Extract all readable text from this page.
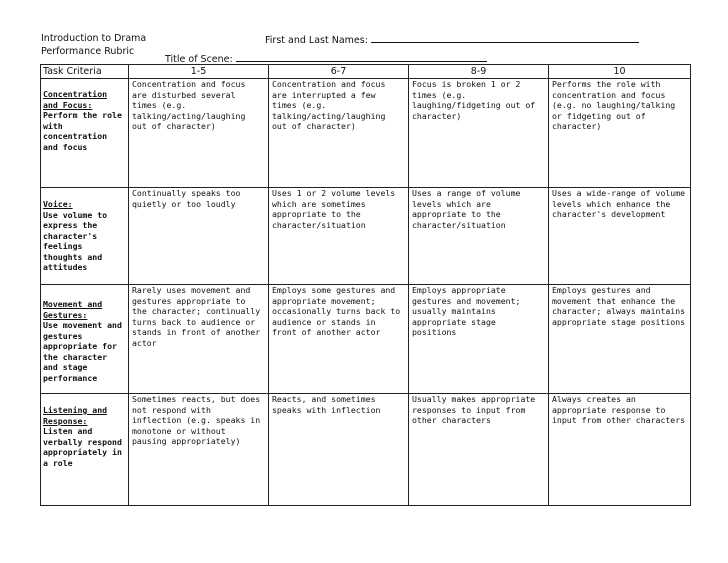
Introduction to Drama
Performance Rubric
First and Last Names:
Title of Scene:
Task Criteria	1-5	6-7	8-9	10

Concentration and Focus:
Perform the role with concentration and focus	Concentration and focus are disturbed several times (e.g. talking/acting/laughing out of character)	Concentration and focus are interrupted a few times (e.g. talking/acting/laughing out of character)	Focus is broken 1 or 2 times (e.g. laughing/fidgeting out of character)	Performs the role with concentration and focus (e.g. no laughing/talking or fidgeting out of character)

Voice:
Use volume to express the character's feelings thoughts and attitudes	Continually speaks too quietly or too loudly	Uses 1 or 2 volume levels which are sometimes appropriate to the character/situation	Uses a range of volume levels which are appropriate to the character/situation	Uses a wide-range of volume levels which enhance the character's development

Movement and Gestures:
Use movement and gestures appropriate for the character and stage performance	Rarely uses movement and gestures appropriate to the character; continually turns back to audience or stands in front of another actor	Employs some gestures and appropriate movement; occasionally turns back to audience or stands in front of another actor	Employs appropriate gestures and movement; usually maintains appropriate stage positions	Employs gestures and movement that enhance the character; always maintains appropriate stage positions

Listening and Response:
Listen and verbally respond appropriately in a role	Sometimes reacts, but does not respond with inflection (e.g. speaks in monotone or without pausing appropriately)	Reacts, and sometimes speaks with inflection	Usually makes appropriate responses to input from other characters	Always creates an appropriate response to input from other characters
